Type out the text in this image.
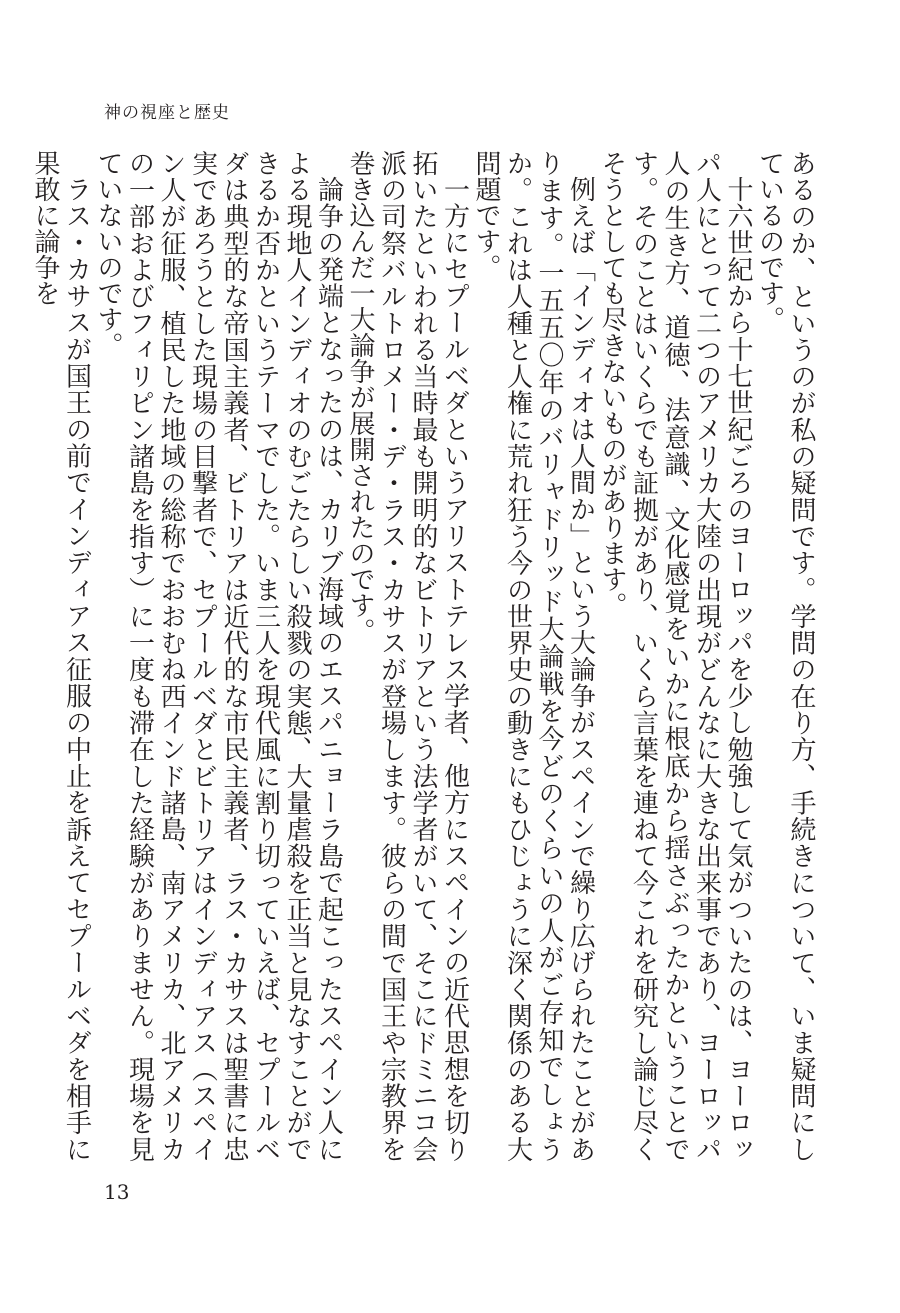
神の視座と歴史

あるのか、というのが私の疑問です。学問の在り方、手続きについて、いま疑問にしているのです。

十六世紀から十七世紀ごろのヨーロッパを少し勉強して気がついたのは、ヨーロッパ人にとって二つのアメリカ大陸の出現がどんなに大きな出来事であり、ヨーロッパ人の生き方、道徳、法意識、文化感覚をいかに根底から揺さぶったかということです。そのことはいくらでも証拠があり、いくら言葉を連ねて今これを研究し論じ尽くそうとしても尽きないものがあります。

例えば「インディオは人間か」という大論争がスペインで繰り広げられたことがあります。一五五〇年のバリャドリッド大論戦を今どのくらいの人がご存知でしょうか。これは人種と人権に荒れ狂う今の世界史の動きにもひじょうに深く関係のある大問題です。

一方にセプールベダというアリストテレス学者、他方にスペインの近代思想を切り拓いたといわれる当時最も開明的なビトリアという法学者がいて、そこにドミニコ会派の司祭バルトロメー・デ・ラス・カサスが登場します。彼らの間で国王や宗教界を巻き込んだ一大論争が展開されたのです。

論争の発端となったのは、カリブ海域のエスパニョーラ島で起こったスペイン人による現地人インディオのむごたらしい殺戮の実態、大量虐殺を正当と見なすことができるか否かというテーマでした。いま三人を現代風に割り切っていえば、セプールベダは典型的な帝国主義者、ビトリアは近代的な市民主義者、ラス・カサスは聖書に忠実であろうとした現場の目撃者で、セプールベダとビトリアはインディアス（スペイン人が征服、植民した地域の総称でおおむね西インド諸島、南アメリカ、北アメリカの一部およびフィリピン諸島を指す）に一度も滞在した経験がありません。現場を見ていないのです。

ラス・カサスが国王の前でインディアス征服の中止を訴えてセプールベダを相手に果敢に論争を

13
